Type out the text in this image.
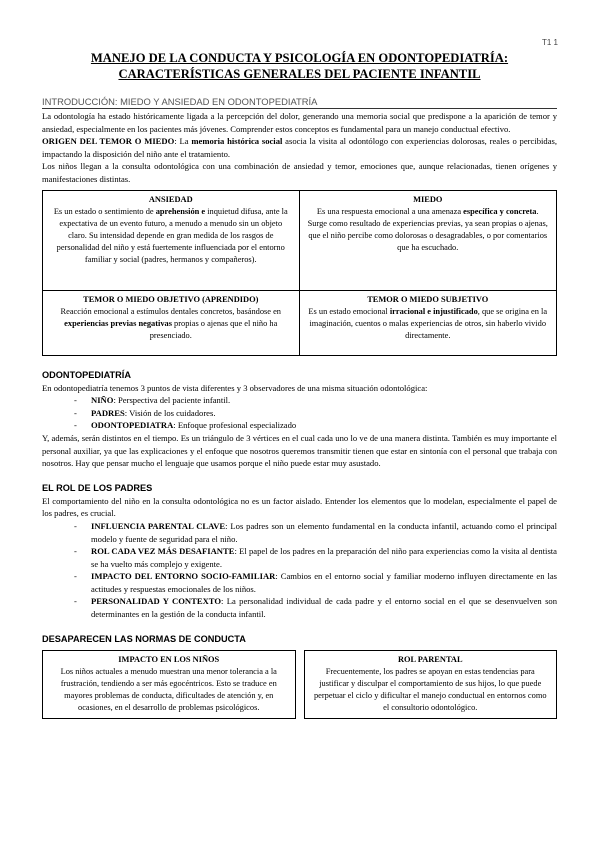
T1 1
MANEJO DE LA CONDUCTA Y PSICOLOGÍA EN ODONTOPEDIATRÍA:
CARACTERÍSTICAS GENERALES DEL PACIENTE INFANTIL
INTRODUCCIÓN: MIEDO Y ANSIEDAD EN ODONTOPEDIATRÍA

La odontología ha estado históricamente ligada a la percepción del dolor, generando una memoria social que predispone a la aparición de temor y ansiedad, especialmente en los pacientes más jóvenes. Comprender estos conceptos es fundamental para un manejo conductual efectivo.

ORIGEN DEL TEMOR O MIEDO: La memoria histórica social asocia la visita al odontólogo con experiencias dolorosas, reales o percibidas, impactando la disposición del niño ante el tratamiento.

Los niños llegan a la consulta odontológica con una combinación de ansiedad y temor, emociones que, aunque relacionadas, tienen orígenes y manifestaciones distintas.

ANSIEDAD
Es un estado o sentimiento de aprehensión e inquietud difusa, ante la expectativa de un evento futuro, a menudo a menudo sin un objeto claro. Su intensidad depende en gran medida de los rasgos de personalidad del niño y está fuertemente influenciada por el entorno familiar y social (padres, hermanos y compañeros).
MIEDO
Es una respuesta emocional a una amenaza específica y concreta. Surge como resultado de experiencias previas, ya sean propias o ajenas, que el niño percibe como dolorosas o desagradables, o por comentarios que ha escuchado.
TEMOR O MIEDO OBJETIVO (APRENDIDO)
Reacción emocional a estímulos dentales concretos, basándose en experiencias previas negativas propias o ajenas que el niño ha presenciado.
TEMOR O MIEDO SUBJETIVO
Es un estado emocional irracional e injustificado, que se origina en la imaginación, cuentos o malas experiencias de otros, sin haberlo vivido directamente.
ODONTOPEDIATRÍA

En odontopediatría tenemos 3 puntos de vista diferentes y 3 observadores de una misma situación odontológica:

- NIÑO: Perspectiva del paciente infantil.
- PADRES: Visión de los cuidadores.
- ODONTOPEDIATRA: Enfoque profesional especializado

Y, además, serán distintos en el tiempo. Es un triángulo de 3 vértices en el cual cada uno lo ve de una manera distinta. También es muy importante el personal auxiliar, ya que las explicaciones y el enfoque que nosotros queremos transmitir tienen que estar en sintonía con el personal que trabaja con nosotros. Hay que pensar mucho el lenguaje que usamos porque el niño puede estar muy asustado.

EL ROL DE LOS PADRES

El comportamiento del niño en la consulta odontológica no es un factor aislado. Entender los elementos que lo modelan, especialmente el papel de los padres, es crucial.

- INFLUENCIA PARENTAL CLAVE: Los padres son un elemento fundamental en la conducta infantil, actuando como el principal modelo y fuente de seguridad para el niño.
- ROL CADA VEZ MÁS DESAFIANTE: El papel de los padres en la preparación del niño para experiencias como la visita al dentista se ha vuelto más complejo y exigente.
- IMPACTO DEL ENTORNO SOCIO-FAMILIAR: Cambios en el entorno social y familiar moderno influyen directamente en las actitudes y respuestas emocionales de los niños.
- PERSONALIDAD Y CONTEXTO: La personalidad individual de cada padre y el entorno social en el que se desenvuelven son determinantes en la gestión de la conducta infantil.
DESAPARECEN LAS NORMAS DE CONDUCTA
IMPACTO EN LOS NIÑOS
Los niños actuales a menudo muestran una menor tolerancia a la frustración, tendiendo a ser más egocéntricos. Esto se traduce en mayores problemas de conducta, dificultades de atención y, en ocasiones, en el desarrollo de problemas psicológicos.
ROL PARENTAL
Frecuentemente, los padres se apoyan en estas tendencias para justificar y disculpar el comportamiento de sus hijos, lo que puede perpetuar el ciclo y dificultar el manejo conductual en entornos como el consultorio odontológico.
